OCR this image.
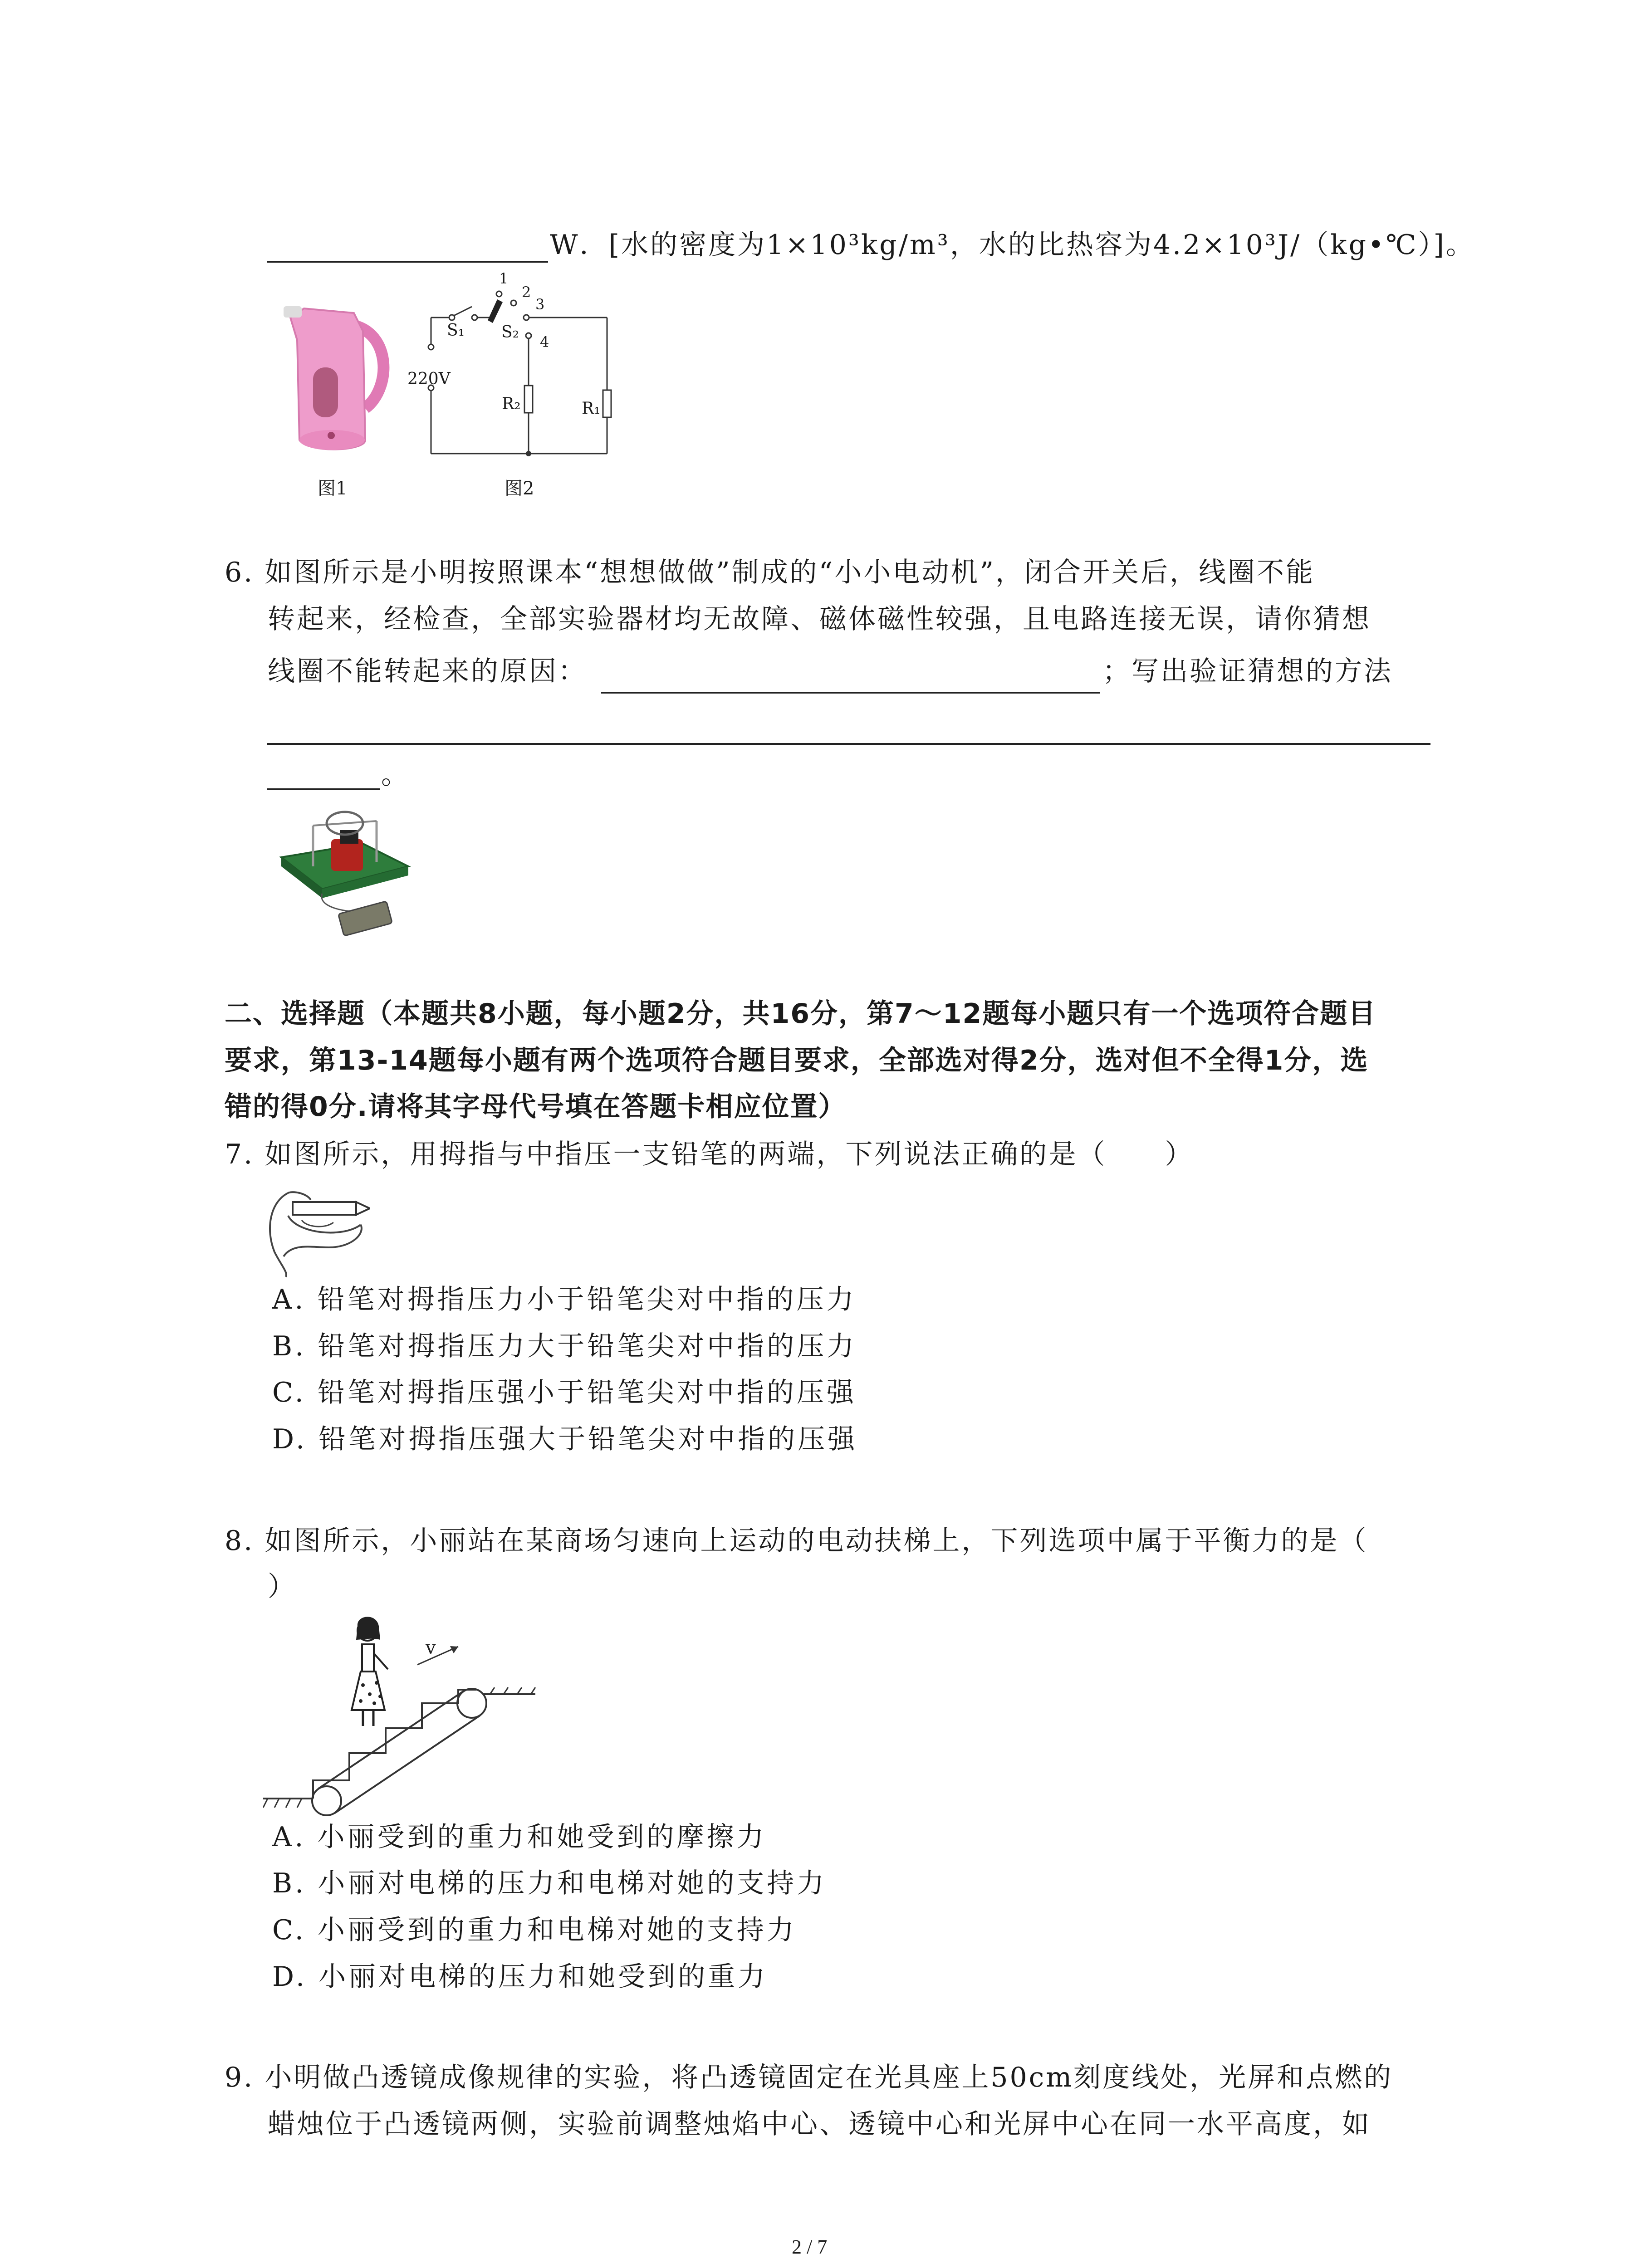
W．[水的密度为1×10³kg/m³，水的比热容为4.2×10³J/（kg•℃）]。
图1
220V
S₁ S₂
1
2
3
4
R₂	R₁
图2
6. 如图所示是小明按照课本“想想做做”制成的“小小电动机”，闭合开关后，线圈不能
转起来，经检查，全部实验器材均无故障、磁体磁性较强，且电路连接无误，请你猜想
线圈不能转起来的原因：	；写出验证猜想的方法
。
二、选择题（本题共8小题，每小题2分，共16分，第7～12题每小题只有一个选项符合题目
要求，第13-14题每小题有两个选项符合题目要求，全部选对得2分，选对但不全得1分，选
错的得0分.请将其字母代号填在答题卡相应位置）
7. 如图所示，用拇指与中指压一支铅笔的两端，下列说法正确的是（　　）
A. 铅笔对拇指压力小于铅笔尖对中指的压力
B. 铅笔对拇指压力大于铅笔尖对中指的压力
C. 铅笔对拇指压强小于铅笔尖对中指的压强
D. 铅笔对拇指压强大于铅笔尖对中指的压强
8. 如图所示，小丽站在某商场匀速向上运动的电动扶梯上，下列选项中属于平衡力的是（
）
v
A. 小丽受到的重力和她受到的摩擦力
B. 小丽对电梯的压力和电梯对她的支持力
C. 小丽受到的重力和电梯对她的支持力
D. 小丽对电梯的压力和她受到的重力
9. 小明做凸透镜成像规律的实验，将凸透镜固定在光具座上50cm刻度线处，光屏和点燃的
蜡烛位于凸透镜两侧，实验前调整烛焰中心、透镜中心和光屏中心在同一水平高度，如
2 / 7
